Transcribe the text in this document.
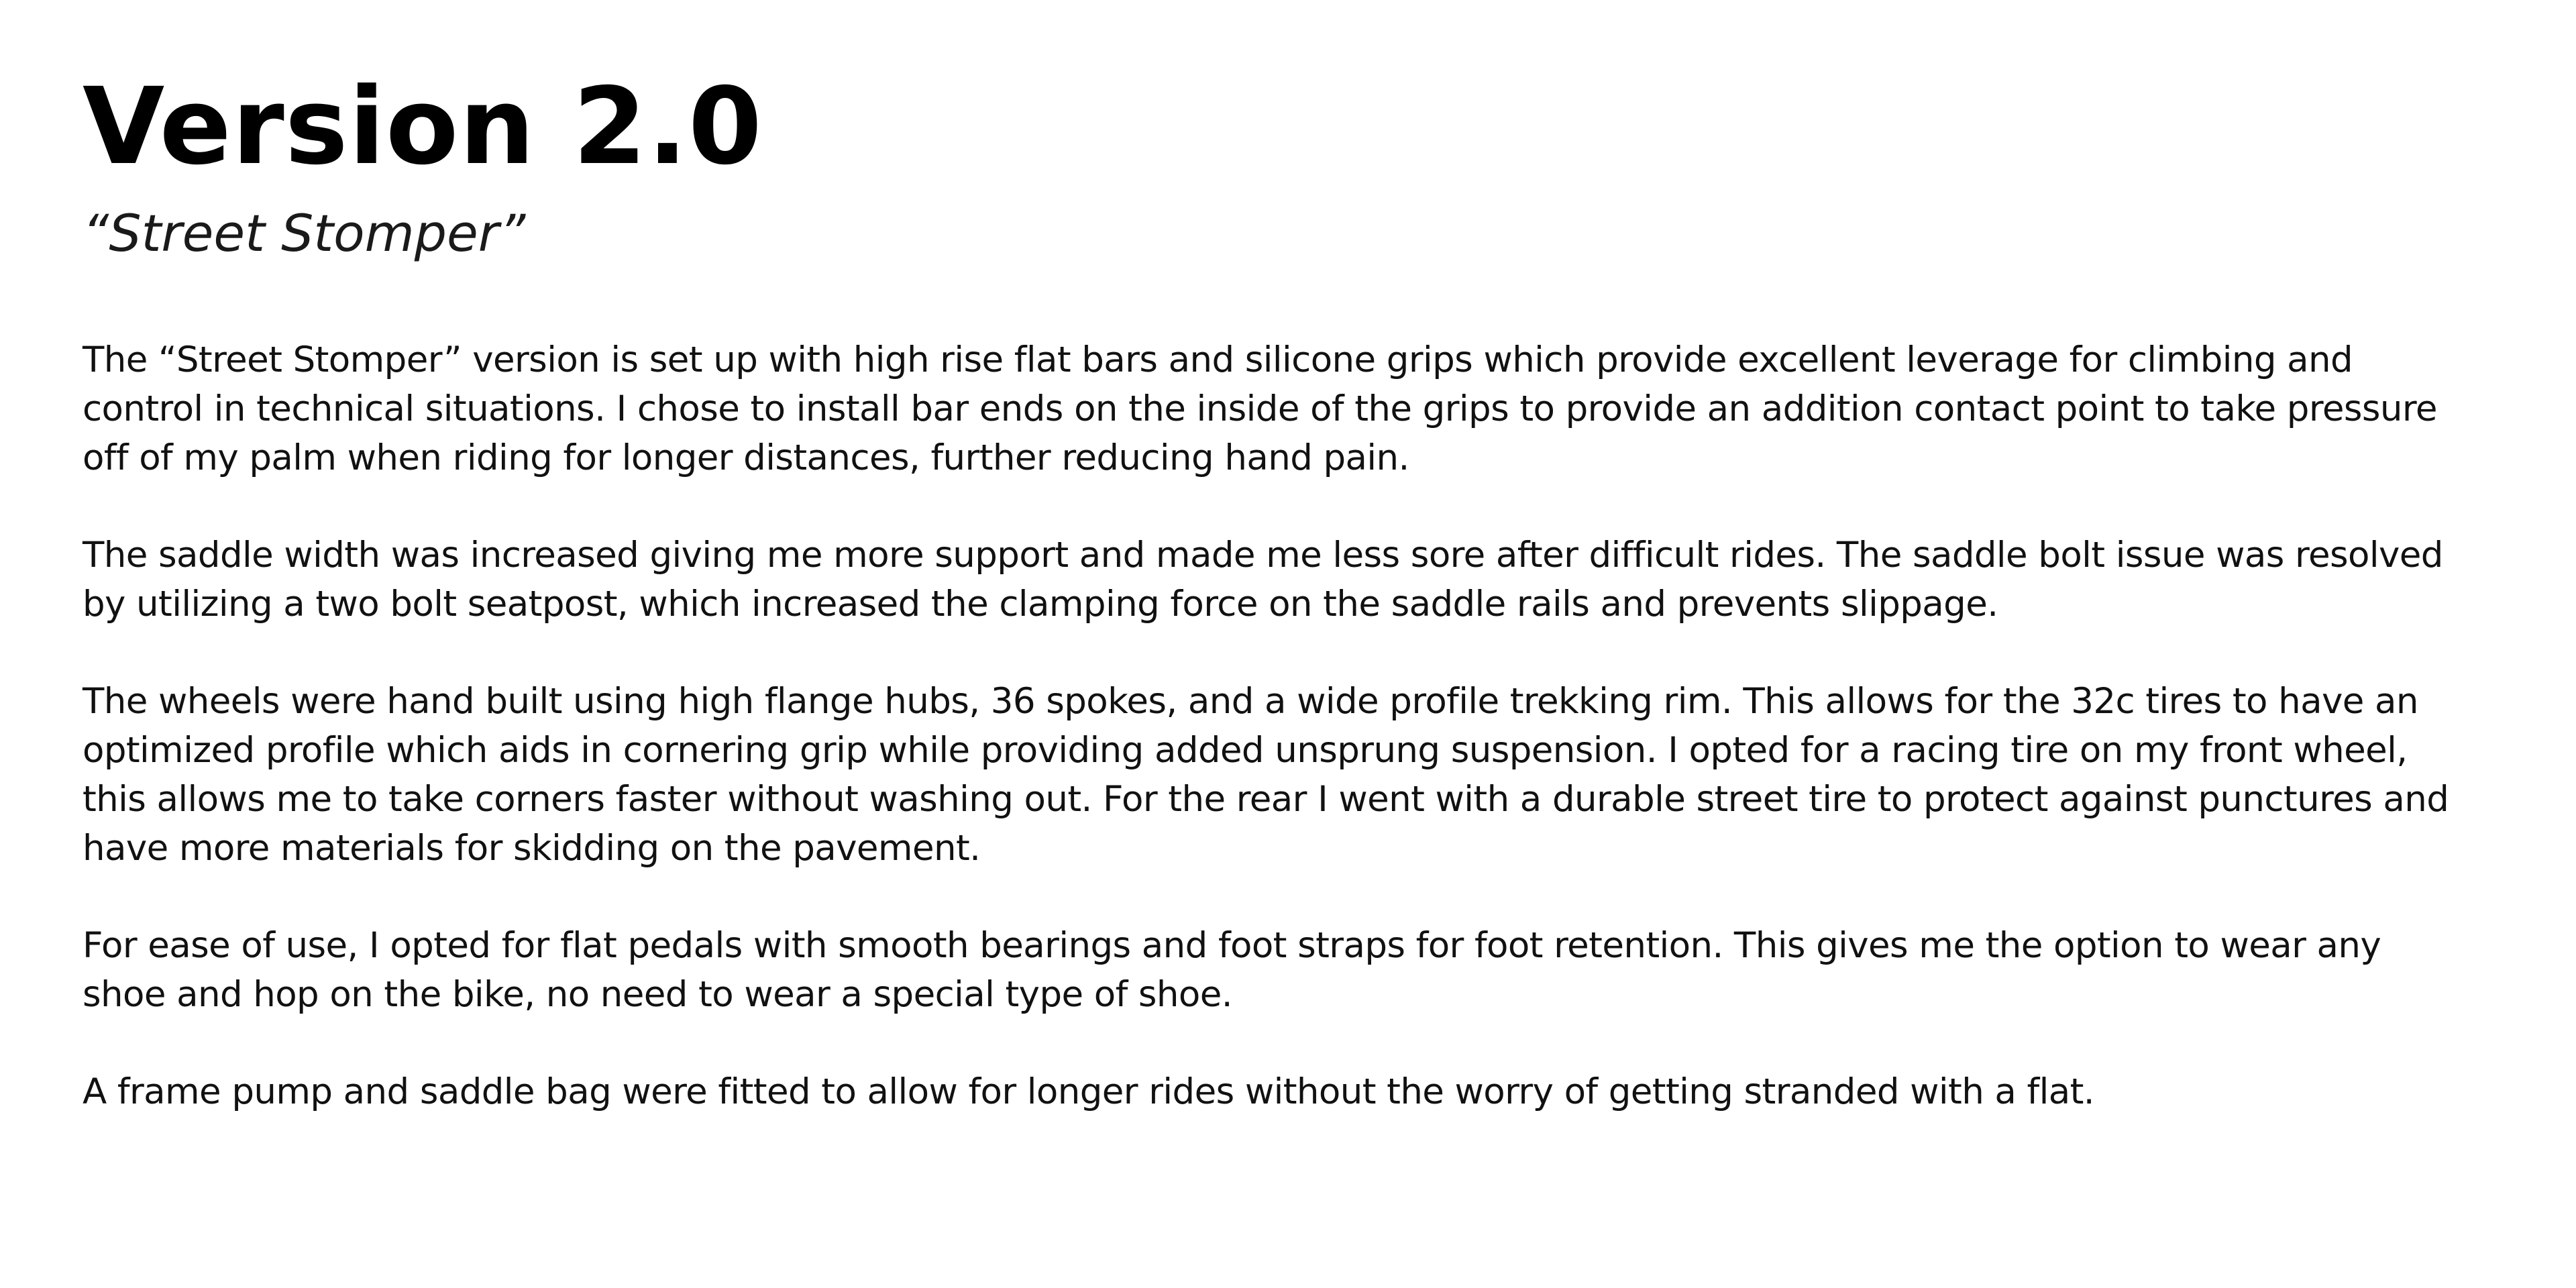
Version 2.0
“Street Stomper”

The “Street Stomper” version is set up with high rise flat bars and silicone grips which provide excellent leverage for climbing and control in technical situations. I chose to install bar ends on the inside of the grips to provide an addition contact point to take pressure off of my palm when riding for longer distances, further reducing hand pain.

The saddle width was increased giving me more support and made me less sore after difficult rides. The saddle bolt issue was resolved by utilizing a two bolt seatpost, which increased the clamping force on the saddle rails and prevents slippage.

The wheels were hand built using high flange hubs, 36 spokes, and a wide profile trekking rim. This allows for the 32c tires to have an optimized profile which aids in cornering grip while providing added unsprung suspension. I opted for a racing tire on my front wheel, this allows me to take corners faster without washing out. For the rear I went with a durable street tire to protect against punctures and have more materials for skidding on the pavement.

For ease of use, I opted for flat pedals with smooth bearings and foot straps for foot retention. This gives me the option to wear any shoe and hop on the bike, no need to wear a special type of shoe.

A frame pump and saddle bag were fitted to allow for longer rides without the worry of getting stranded with a flat.
